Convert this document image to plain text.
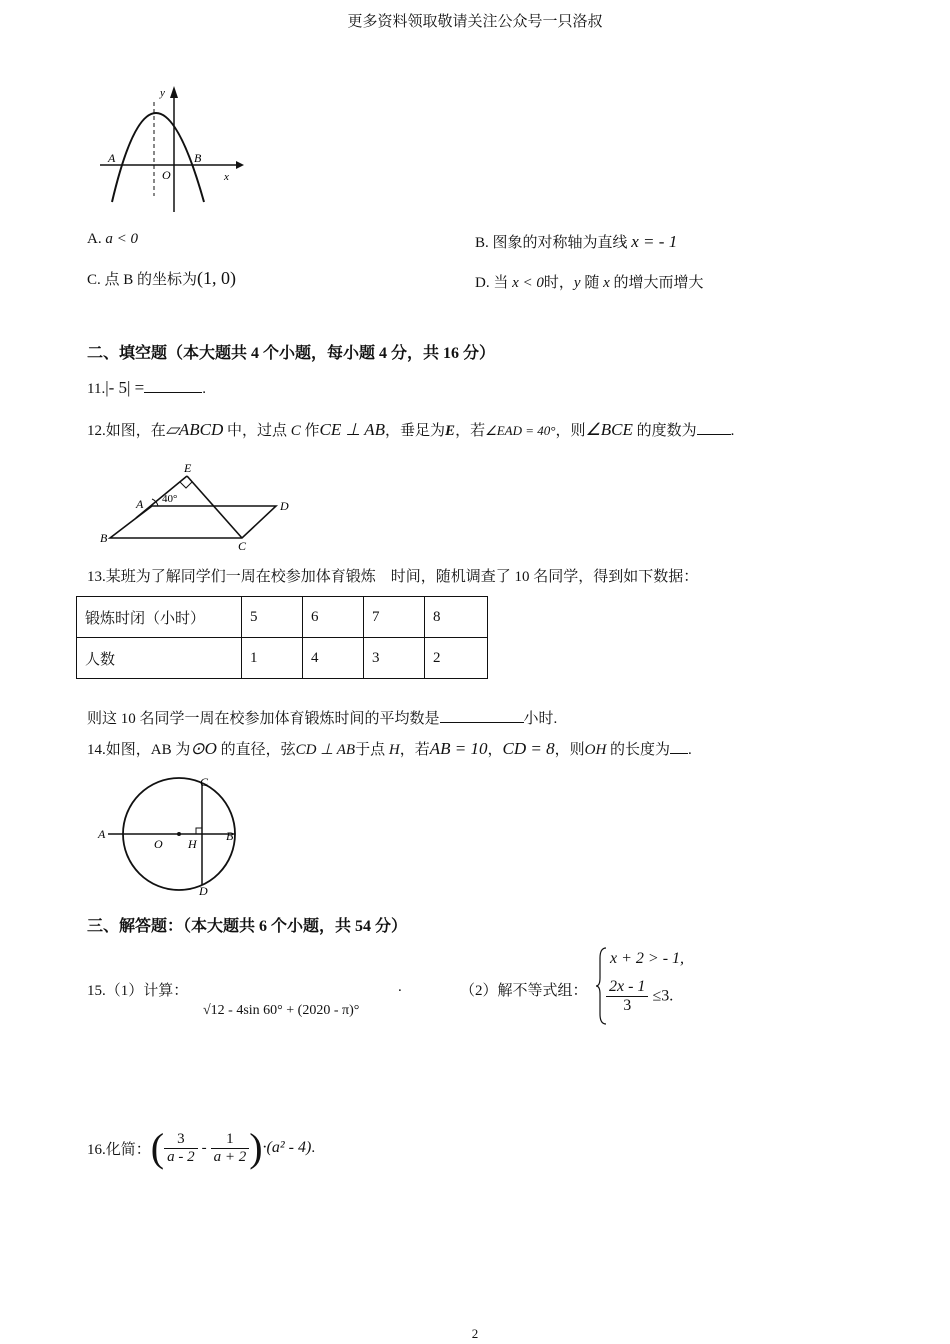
更多资料领取敬请关注公众号一只洛叔
y
x
A	B
O
A. a < 0	B. 图象的对称轴为直线 x = - 1
C. 点 B 的坐标为(1, 0)	D. 当 x < 0时，y 随 x 的增大而增大
二、填空题（本大题共 4 个小题，每小题 4 分，共 16 分）
11.|- 5| =	.
12.如图，在▱ABCD 中，过点 C 作CE ⊥ AB，垂足为E，若∠EAD = 40°，则∠BCE 的度数为 .
E
A 40°	D
B
C
13.某班为了解同学们一周在校参加体育锻炼　时间，随机调查了 10 名同学，得到如下数据：
锻炼时闭（小时）	5	6	7	8
人数	1	4	3	2
则这 10 名同学一周在校参加体育锻炼时间的平均数是	小时.
14.如图，AB 为⊙O 的直径，弦CD ⊥ AB于点 H，若AB = 10，CD = 8，则OH 的长度为 .
A	B
C
D
O H
三、解答题：（本大题共 6 个小题，共 54 分）
15.（1）计算：	.
√12 - 4sin 60° + (2020 - π)°
（2）解不等式组：
x + 2 > - 1,
$\frac{2x - 1}{3} \le 3$.
16.化简： ( $\frac{3}{a - 2} - \frac{1}{a + 2}$ ) ·(a² - 4) .
2
